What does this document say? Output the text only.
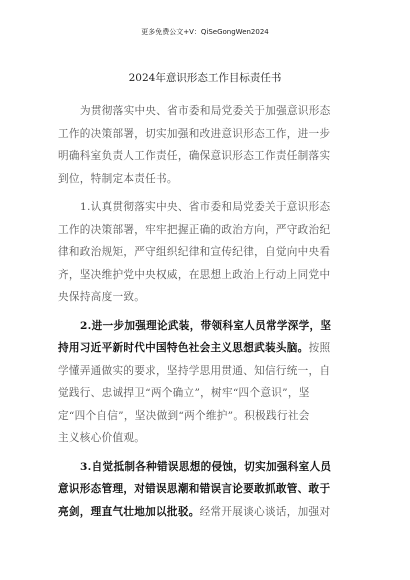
更多免费公文+V：QiSeGongWen2024
2024年意识形态工作目标责任书
为贯彻落实中央、省市委和局党委关于加强意识形态
工作的决策部署，切实加强和改进意识形态工作，进一步
明确科室负责人工作责任，确保意识形态工作责任制落实
到位，特制定本责任书。
1.认真贯彻落实中央、省市委和局党委关于意识形态
工作的决策部署，牢牢把握正确的政治方向，严守政治纪
律和政治规矩，严守组织纪律和宣传纪律，自觉向中央看
齐，坚决维护党中央权威，在思想上政治上行动上同党中
央保持高度一致。
2.进一步加强理论武装，带领科室人员常学深学，坚
持用习近平新时代中国特色社会主义思想武装头脑。按照
学懂弄通做实的要求，坚持学思用贯通、知信行统一，自
觉践行、忠诚捍卫“两个确立”，树牢“四个意识”，坚
定“四个自信”，坚决做到“两个维护”。积极践行社会
主义核心价值观。
3.自觉抵制各种错误思想的侵蚀，切实加强科室人员
意识形态管理，对错误思潮和错误言论要敢抓敢管、敢于
亮剑，理直气壮地加以批驳。经常开展谈心谈话，加强对
